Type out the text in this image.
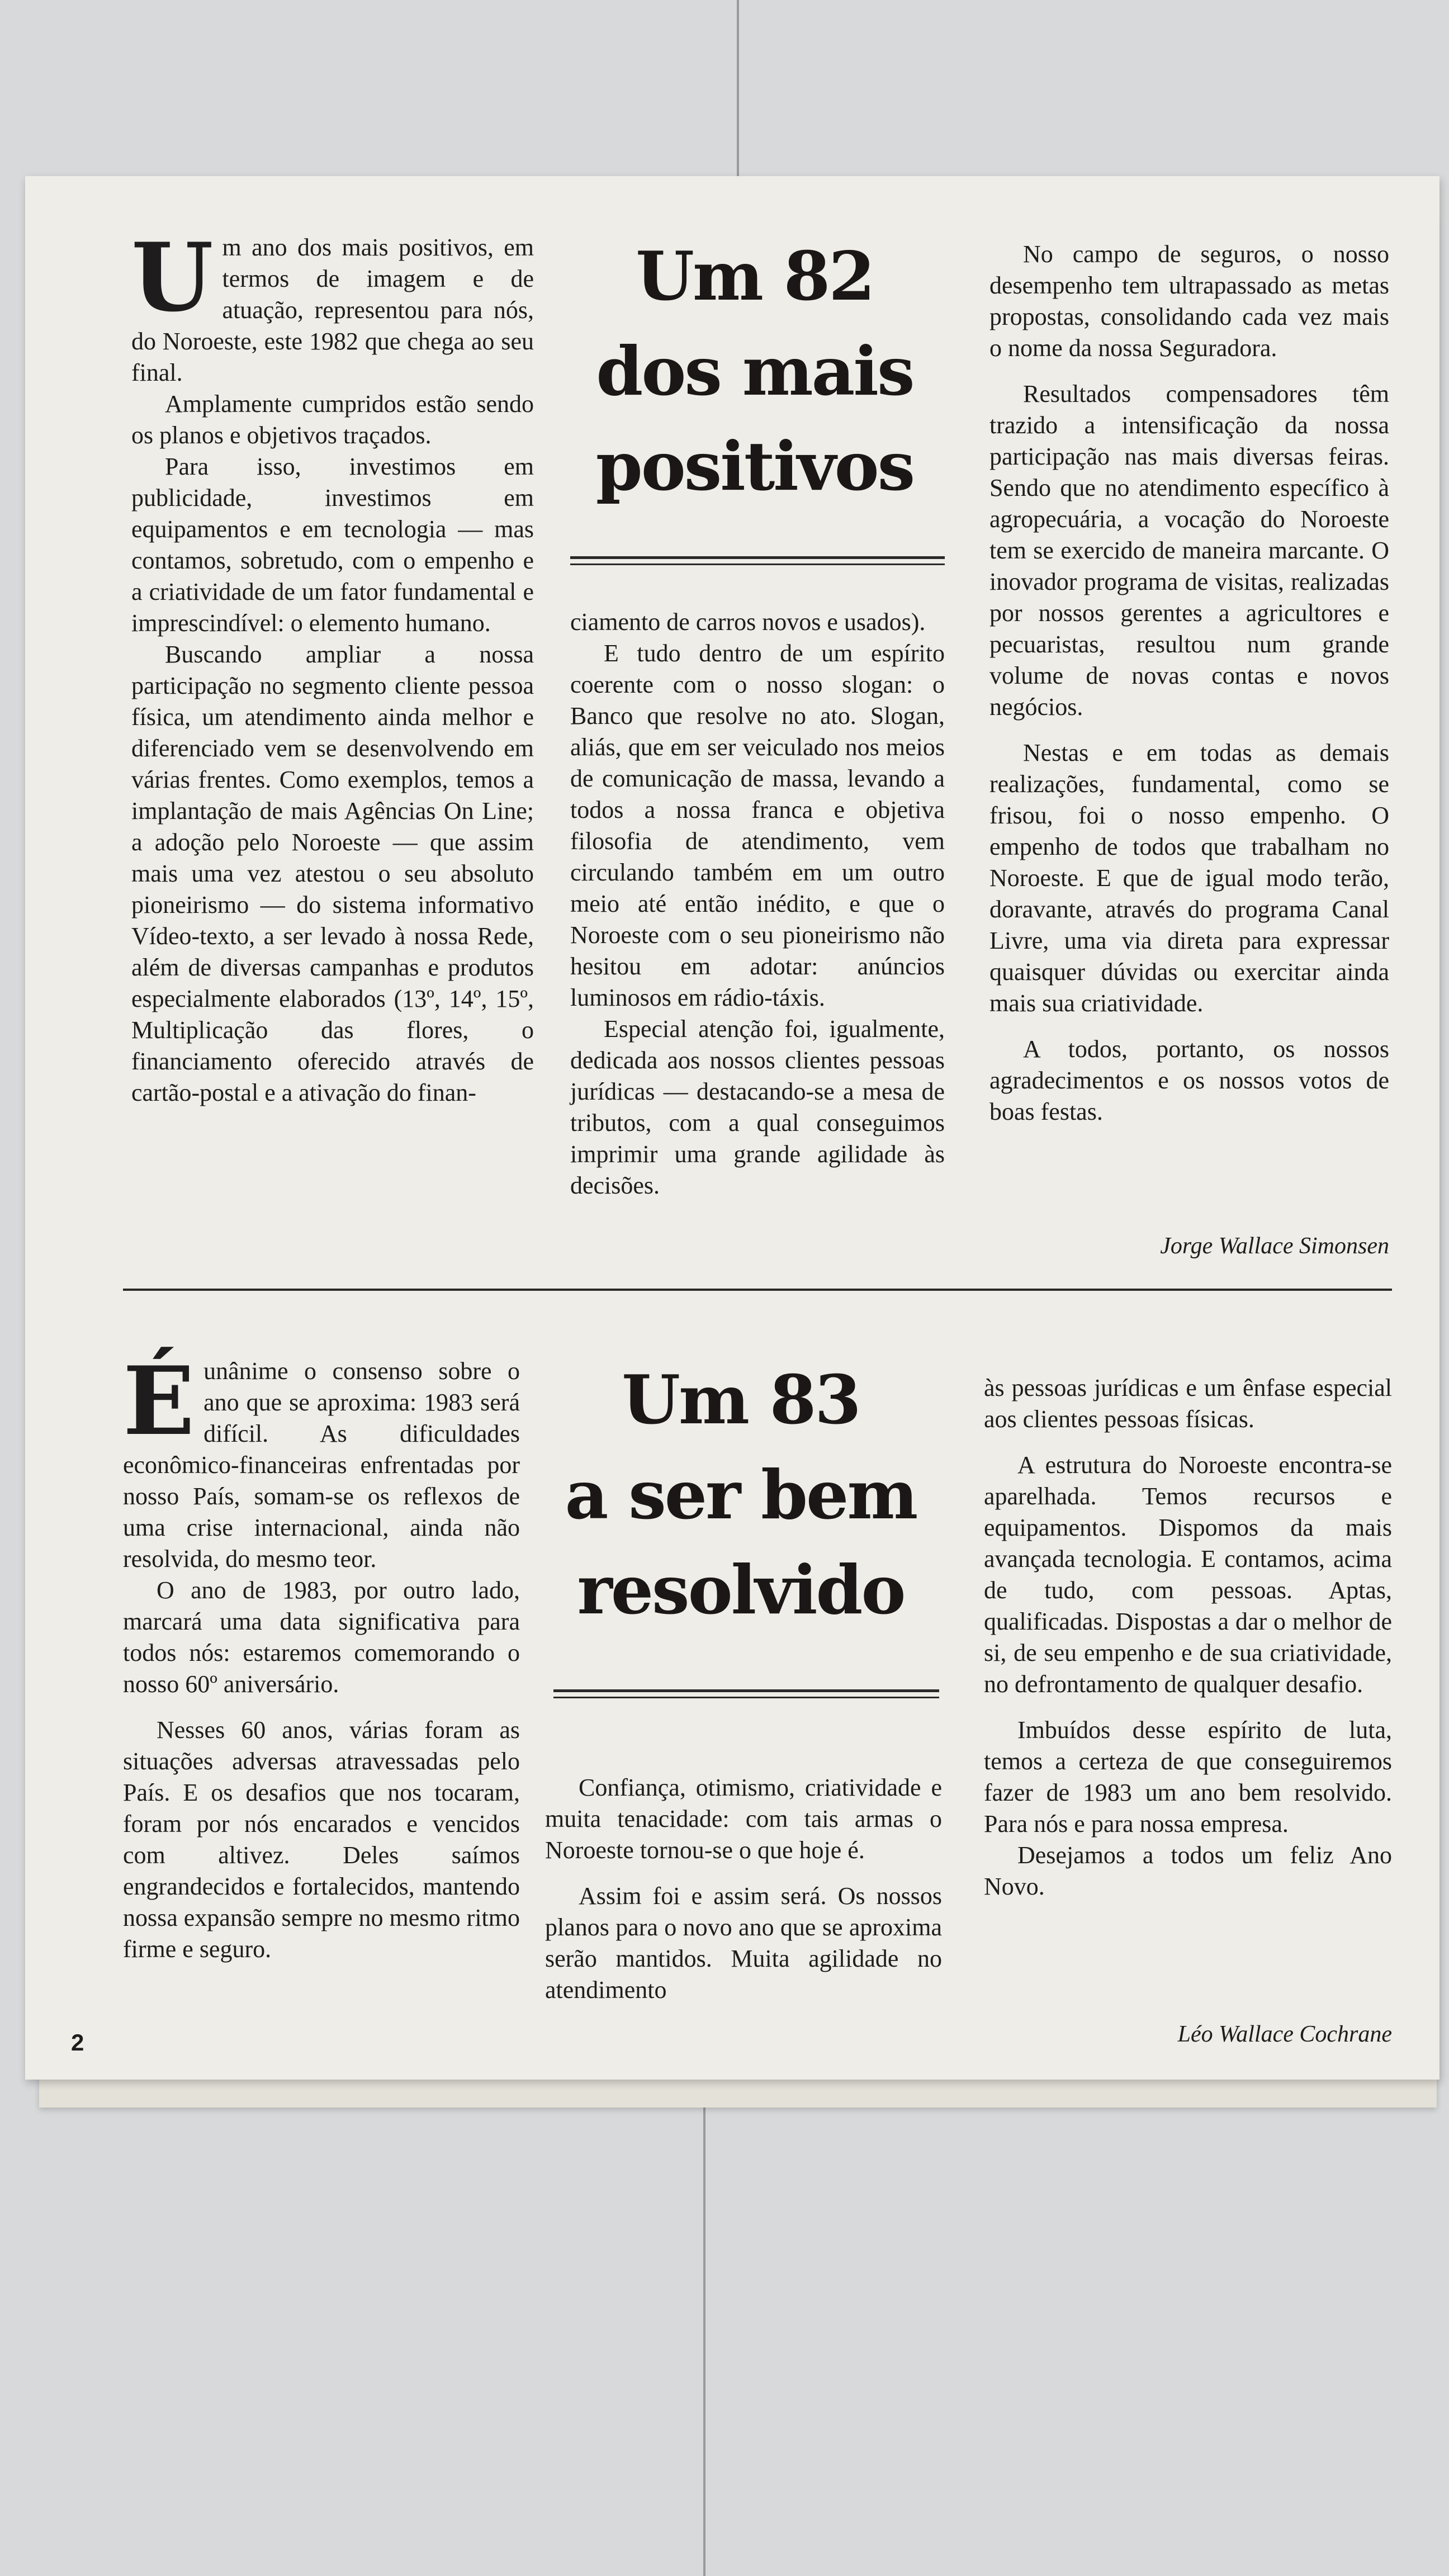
U m ano dos mais positivos, em termos de imagem e de atuação, representou para nós, do Noroeste, este 1982 que chega ao seu final.

Amplamente cumpridos estão sendo os planos e objetivos traçados.

Para isso, investimos em publicidade, investimos em equipamentos e em tecnologia — mas contamos, sobretudo, com o empenho e a criatividade de um fator fundamental e imprescindível: o elemento humano.

Buscando ampliar a nossa participação no segmento cliente pessoa física, um atendimento ainda melhor e diferenciado vem se desenvolvendo em várias frentes. Como exemplos, temos a implantação de mais Agências On Line; a adoção pelo Noroeste — que assim mais uma vez atestou o seu absoluto pioneirismo — do sistema informativo Vídeo-texto, a ser levado à nossa Rede, além de diversas campanhas e produtos especialmente elaborados (13º, 14º, 15º, Multiplicação das flores, o financiamento oferecido através de cartão-postal e a ativação do finan-

Um 82
dos mais
positivos

ciamento de carros novos e usados).

E tudo dentro de um espírito coerente com o nosso slogan: o Banco que resolve no ato. Slogan, aliás, que em ser veiculado nos meios de comunicação de massa, levando a todos a nossa franca e objetiva filosofia de atendimento, vem circulando também em um outro meio até então inédito, e que o Noroeste com o seu pioneirismo não hesitou em adotar: anúncios luminosos em rádio-táxis.

Especial atenção foi, igualmente, dedicada aos nossos clientes pessoas jurídicas — destacando-se a mesa de tributos, com a qual conseguimos imprimir uma grande agilidade às decisões.

No campo de seguros, o nosso desempenho tem ultrapassado as metas propostas, consolidando cada vez mais o nome da nossa Seguradora.

Resultados compensadores têm trazido a intensificação da nossa participação nas mais diversas feiras. Sendo que no atendimento específico à agropecuária, a vocação do Noroeste tem se exercido de maneira marcante. O inovador programa de visitas, realizadas por nossos gerentes a agricultores e pecuaristas, resultou num grande volume de novas contas e novos negócios.

Nestas e em todas as demais realizações, fundamental, como se frisou, foi o nosso empenho. O empenho de todos que trabalham no Noroeste. E que de igual modo terão, doravante, através do programa Canal Livre, uma via direta para expressar quaisquer dúvidas ou exercitar ainda mais sua criatividade.

A todos, portanto, os nossos agradecimentos e os nossos votos de boas festas.

Jorge Wallace Simonsen
É unânime o consenso sobre o ano que se aproxima: 1983 será difícil. As dificuldades econômico-financeiras enfrentadas por nosso País, somam-se os reflexos de uma crise internacional, ainda não resolvida, do mesmo teor.

O ano de 1983, por outro lado, marcará uma data significativa para todos nós: estaremos comemorando o nosso 60º aniversário.

Nesses 60 anos, várias foram as situações adversas atravessadas pelo País. E os desafios que nos tocaram, foram por nós encarados e vencidos com altivez. Deles saímos engrandecidos e fortalecidos, mantendo nossa expansão sempre no mesmo ritmo firme e seguro.

Um 83
a ser bem
resolvido

Confiança, otimismo, criatividade e muita tenacidade: com tais armas o Noroeste tornou-se o que hoje é.

Assim foi e assim será. Os nossos planos para o novo ano que se aproxima serão mantidos. Muita agilidade no atendimento

às pessoas jurídicas e um ênfase especial aos clientes pessoas físicas.

A estrutura do Noroeste encontra-se aparelhada. Temos recursos e equipamentos. Dispomos da mais avançada tecnologia. E contamos, acima de tudo, com pessoas. Aptas, qualificadas. Dispostas a dar o melhor de si, de seu empenho e de sua criatividade, no defrontamento de qualquer desafio.

Imbuídos desse espírito de luta, temos a certeza de que conseguiremos fazer de 1983 um ano bem resolvido. Para nós e para nossa empresa.

Desejamos a todos um feliz Ano Novo.

Léo Wallace Cochrane
2
